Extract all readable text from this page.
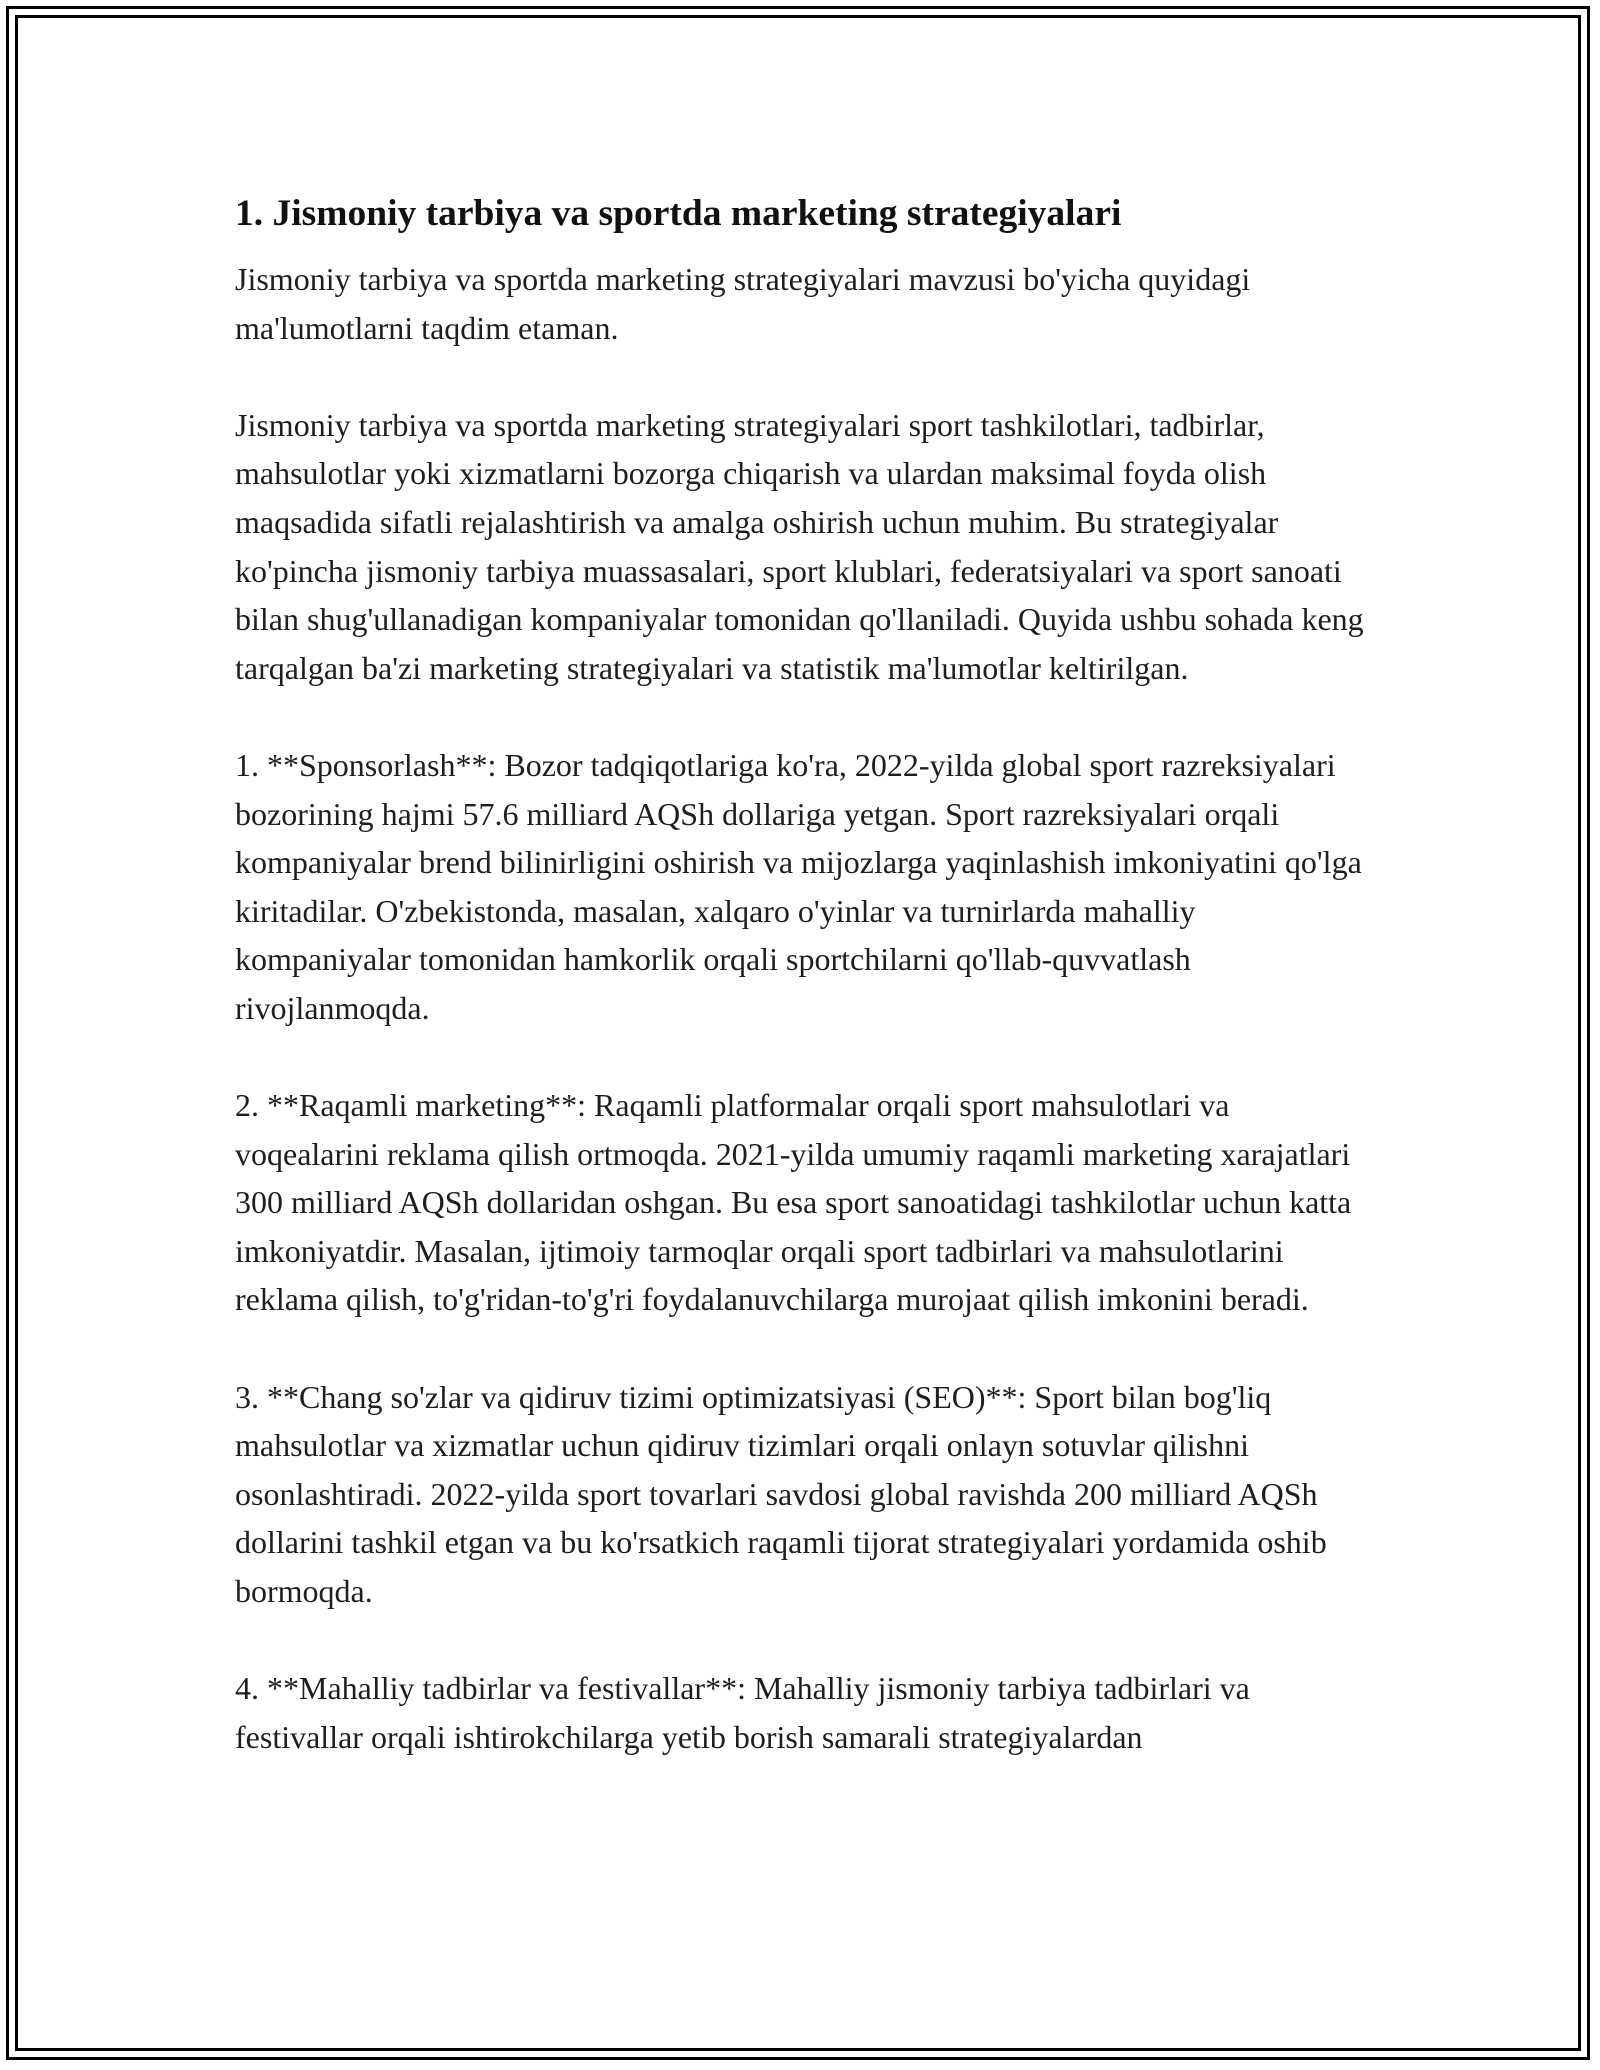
1. Jismoniy tarbiya va sportda marketing strategiyalari

Jismoniy tarbiya va sportda marketing strategiyalari mavzusi bo'yicha quyidagi ma'lumotlarni taqdim etaman.

Jismoniy tarbiya va sportda marketing strategiyalari sport tashkilotlari, tadbirlar, mahsulotlar yoki xizmatlarni bozorga chiqarish va ulardan maksimal foyda olish maqsadida sifatli rejalashtirish va amalga oshirish uchun muhim. Bu strategiyalar ko'pincha jismoniy tarbiya muassasalari, sport klublari, federatsiyalari va sport sanoati bilan shug'ullanadigan kompaniyalar tomonidan qo'llaniladi. Quyida ushbu sohada keng tarqalgan ba'zi marketing strategiyalari va statistik ma'lumotlar keltirilgan.

1. **Sponsorlash**: Bozor tadqiqotlariga ko'ra, 2022-yilda global sport razreksiyalari bozorining hajmi 57.6 milliard AQSh dollariga yetgan. Sport razreksiyalari orqali kompaniyalar brend bilinirligini oshirish va mijozlarga yaqinlashish imkoniyatini qo'lga kiritadilar. O'zbekistonda, masalan, xalqaro o'yinlar va turnirlarda mahalliy kompaniyalar tomonidan hamkorlik orqali sportchilarni qo'llab-quvvatlash rivojlanmoqda.

2. **Raqamli marketing**: Raqamli platformalar orqali sport mahsulotlari va voqealarini reklama qilish ortmoqda. 2021-yilda umumiy raqamli marketing xarajatlari 300 milliard AQSh dollaridan oshgan. Bu esa sport sanoatidagi tashkilotlar uchun katta imkoniyatdir. Masalan, ijtimoiy tarmoqlar orqali sport tadbirlari va mahsulotlarini reklama qilish, to'g'ridan-to'g'ri foydalanuvchilarga murojaat qilish imkonini beradi.

3. **Chang so'zlar va qidiruv tizimi optimizatsiyasi (SEO)**: Sport bilan bog'liq mahsulotlar va xizmatlar uchun qidiruv tizimlari orqali onlayn sotuvlar qilishni osonlashtiradi. 2022-yilda sport tovarlari savdosi global ravishda 200 milliard AQSh dollarini tashkil etgan va bu ko'rsatkich raqamli tijorat strategiyalari yordamida oshib bormoqda.

4. **Mahalliy tadbirlar va festivallar**: Mahalliy jismoniy tarbiya tadbirlari va festivallar orqali ishtirokchilarga yetib borish samarali strategiyalardan
